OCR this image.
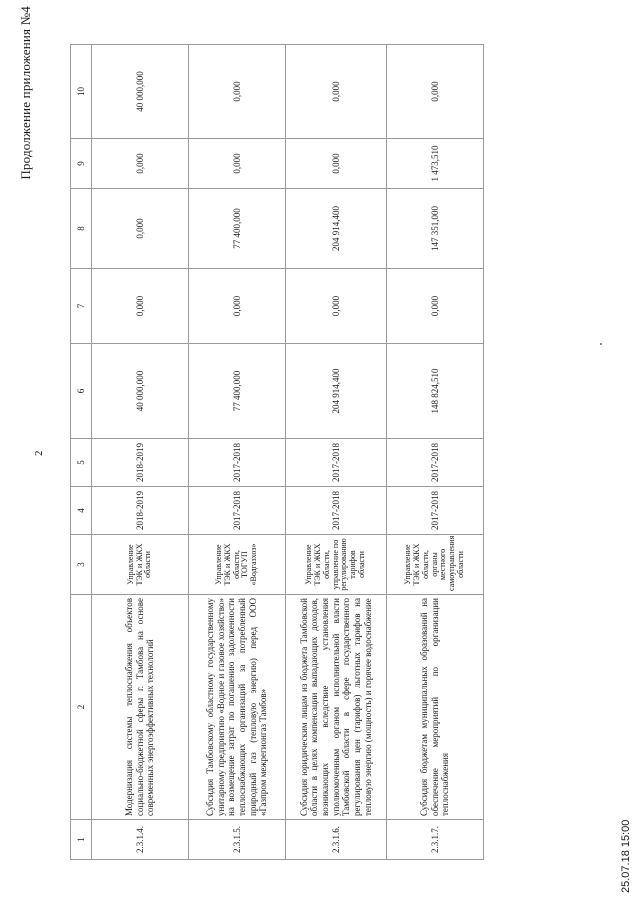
Продолжение приложения №4
2
1	2	3	4	5	6	7	8	9	10
2.3.1.4.	Модернизация системы теплоснабжения объектов социально-бюджетной сферы г. Тамбова на основе современных энергоэффективных технологий	Управление ТЭК и ЖКХ области	2018-2019	2018-2019	40 000,000	0,000	0,000	0,000	40 000,000
2.3.1.5.	Субсидия Тамбовскому областному государственному унитарному предприятию «Водное и газовое хозяйство» на возмещение затрат по погашению задолженности теплоснабжающих организаций за потребленный природный газ (тепловую энергию) перед ООО «Газпром межрегионгаз Тамбов»	Управление ТЭК и ЖКХ области, ТОГУП «Водгазхоз»	2017-2018	2017-2018	77 400,000	0,000	77 400,000	0,000	0,000
2.3.1.6.	Субсидия юридическим лицам из бюджета Тамбовской области в целях компенсации выпадающих доходов, возникающих вследствие установления уполномоченным органом исполнительной власти Тамбовской области в сфере государственного регулирования цен (тарифов) льготных тарифов на тепловую энергию (мощность) и горячее водоснабжение	Управление ТЭК и ЖКХ области, управление по регулированию тарифов области	2017-2018	2017-2018	204 914,400	0,000	204 914,400	0,000	0,000
2.3.1.7.	Субсидия бюджетам муниципальных образований на обеспечение мероприятий по организации теплоснабжения	Управление ТЭК и ЖКХ области, органы местного самоуправления области	2017-2018	2017-2018	148 824,510	0,000	147 351,000	1 473,510	0,000
25.07.18 15:00
